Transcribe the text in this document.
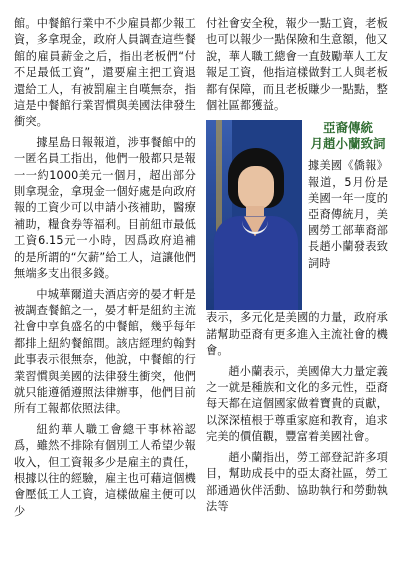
館。中餐館行業中不少雇員都少報工資，多拿現金，政府人員調查這些餐館的雇員薪金之后，指出老板們“付不足最低工資”，還要雇主把工資退還給工人，有被罰雇主自嘆無奈，指這是中餐館行業習慣與美國法律發生衝突。

據星島日報報道，涉事餐館中的一匿名員工指出，他們一般都只是報一一約1000美元一個月，超出部分則拿現金，拿現金一個好處是向政府報的工資少可以申請小孩補助，醫療補助，糧食券等福利。目前紐市最低工資6.15元一小時，因爲政府追補的是所謂的“欠薪”給工人，這讓他們無端多支出很多錢。

中城華爾道夫酒店旁的晏才軒是被調查餐館之一，晏才軒是紐約主流社會中享負盛名的中餐館，幾乎每年都排上紐約餐館間。該店經理約翰對此事表示很無奈，他說，中餐館的行業習慣與美國的法律發生衝突，他們就只能遵循遵照法律辦事，他們目前所有工報都依照法律。

紐約華人職工會總干事林裕認爲，雖然不排除有個別工人希望少報收入，但工資報多少是雇主的責任，根據以往的經驗，雇主也可藉這個機會壓低工人工資，這樣做雇主便可以少

付社會安全稅，報少一點工資，老板也可以報少一點保險和生意額，他又說，華人職工總會一直鼓勵華人工友報足工資，他指這樣做對工人與老板都有保障，而且老板賺少一點點，整個社區都獲益。

亞裔傳統
月趙小蘭致詞

據美國《僑報》報道，5月份是美國一年一度的亞裔傳統月，美國勞工部華裔部長趙小蘭發表致詞時

表示，多元化是美國的力量，政府承諾幫助亞裔有更多進入主流社會的機會。

趙小蘭表示，美國偉大力量定義之一就是種族和文化的多元性，亞裔每天都在這個國家做着寶貴的貢獻，以深深植根于尊重家庭和教育，追求完美的價值觀，豐富着美國社會。

趙小蘭指出，勞工部登記許多項目，幫助成長中的亞太裔社區，勞工部通過伙伴活動、協助執行和勞動執法等
